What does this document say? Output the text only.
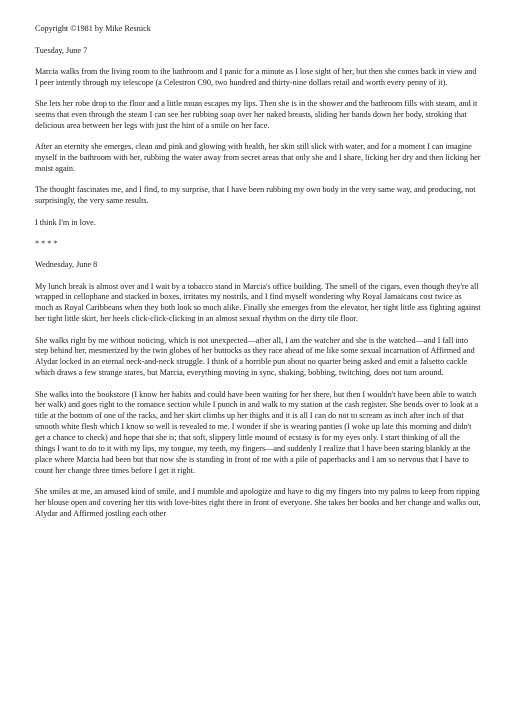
Copyright ©1981 by Mike Resnick

Tuesday, June 7

Marcia walks from the living room to the bathroom and I panic for a minute as I lose sight of her, but then she comes back in view and I peer intently through my telescope (a Celestron C90, two hundred and thirty-nine dollars retail and worth every penny of it).

She lets her robe drop to the floor and a little moan escapes my lips. Then she is in the shower and the bathroom fills with steam, and it seems that even through the steam I can see her rubbing soap over her naked breasts, sliding her hands down her body, stroking that delicious area between her legs with just the hint of a smile on her face.

After an eternity she emerges, clean and pink and glowing with health, her skin still slick with water, and for a moment I can imagine myself in the bathroom with her, rubbing the water away from secret areas that only she and I share, licking her dry and then licking her moist again.

The thought fascinates me, and I find, to my surprise, that I have been rubbing my own body in the very same way, and producing, not surprisingly, the very same results.

I think I'm in love.

* * * *

Wednesday, June 8

My lunch break is almost over and I wait by a tobacco stand in Marcia's office building. The smell of the cigars, even though they're all wrapped in cellophane and stacked in boxes, irritates my nostrils, and I find myself wondering why Royal Jamaicans cost twice as much as Royal Caribbeans when they both look so much alike. Finally she emerges from the elevator, her tight little ass fighting against her tight little skirt, her heels click-click-clicking in an almost sexual rhythm on the dirty tile floor.

She walks right by me without noticing, which is not unexpected—after all, I am the watcher and she is the watched—and I fall into step behind her, mesmerized by the twin globes of her buttocks as they race ahead of me like some sexual incarnation of Affirmed and Alydar locked in an eternal neck-and-neck struggle. I think of a horrible pun about no quarter being asked and emit a falsetto cackle which draws a few strange stares, but Marcia, everything moving in sync, shaking, bobbing, twitching, does not turn around.

She walks into the bookstore (I know her habits and could have been waiting for her there, but then I wouldn't have been able to watch her walk) and goes right to the romance section while I punch in and walk to my station at the cash register. She bends over to look at a title at the bottom of one of the racks, and her skirt climbs up her thighs and it is all I can do not to scream as inch after inch of that smooth white flesh which I know so well is revealed to me. I wonder if she is wearing panties (I woke up late this morning and didn't get a chance to check) and hope that she is; that soft, slippery little mound of ecstasy is for my eyes only. I start thinking of all the things I want to do to it with my lips, my tongue, my teeth, my fingers—and suddenly I realize that I have been staring blankly at the place where Marcia had been but that now she is standing in front of me with a pile of paperbacks and I am so nervous that I have to count her change three times before I get it right.

She smiles at me, an amused kind of smile, and I mumble and apologize and have to dig my fingers into my palms to keep from ripping her blouse open and covering her tits with love-bites right there in front of everyone. She takes her books and her change and walks out, Alydar and Affirmed jostling each other
